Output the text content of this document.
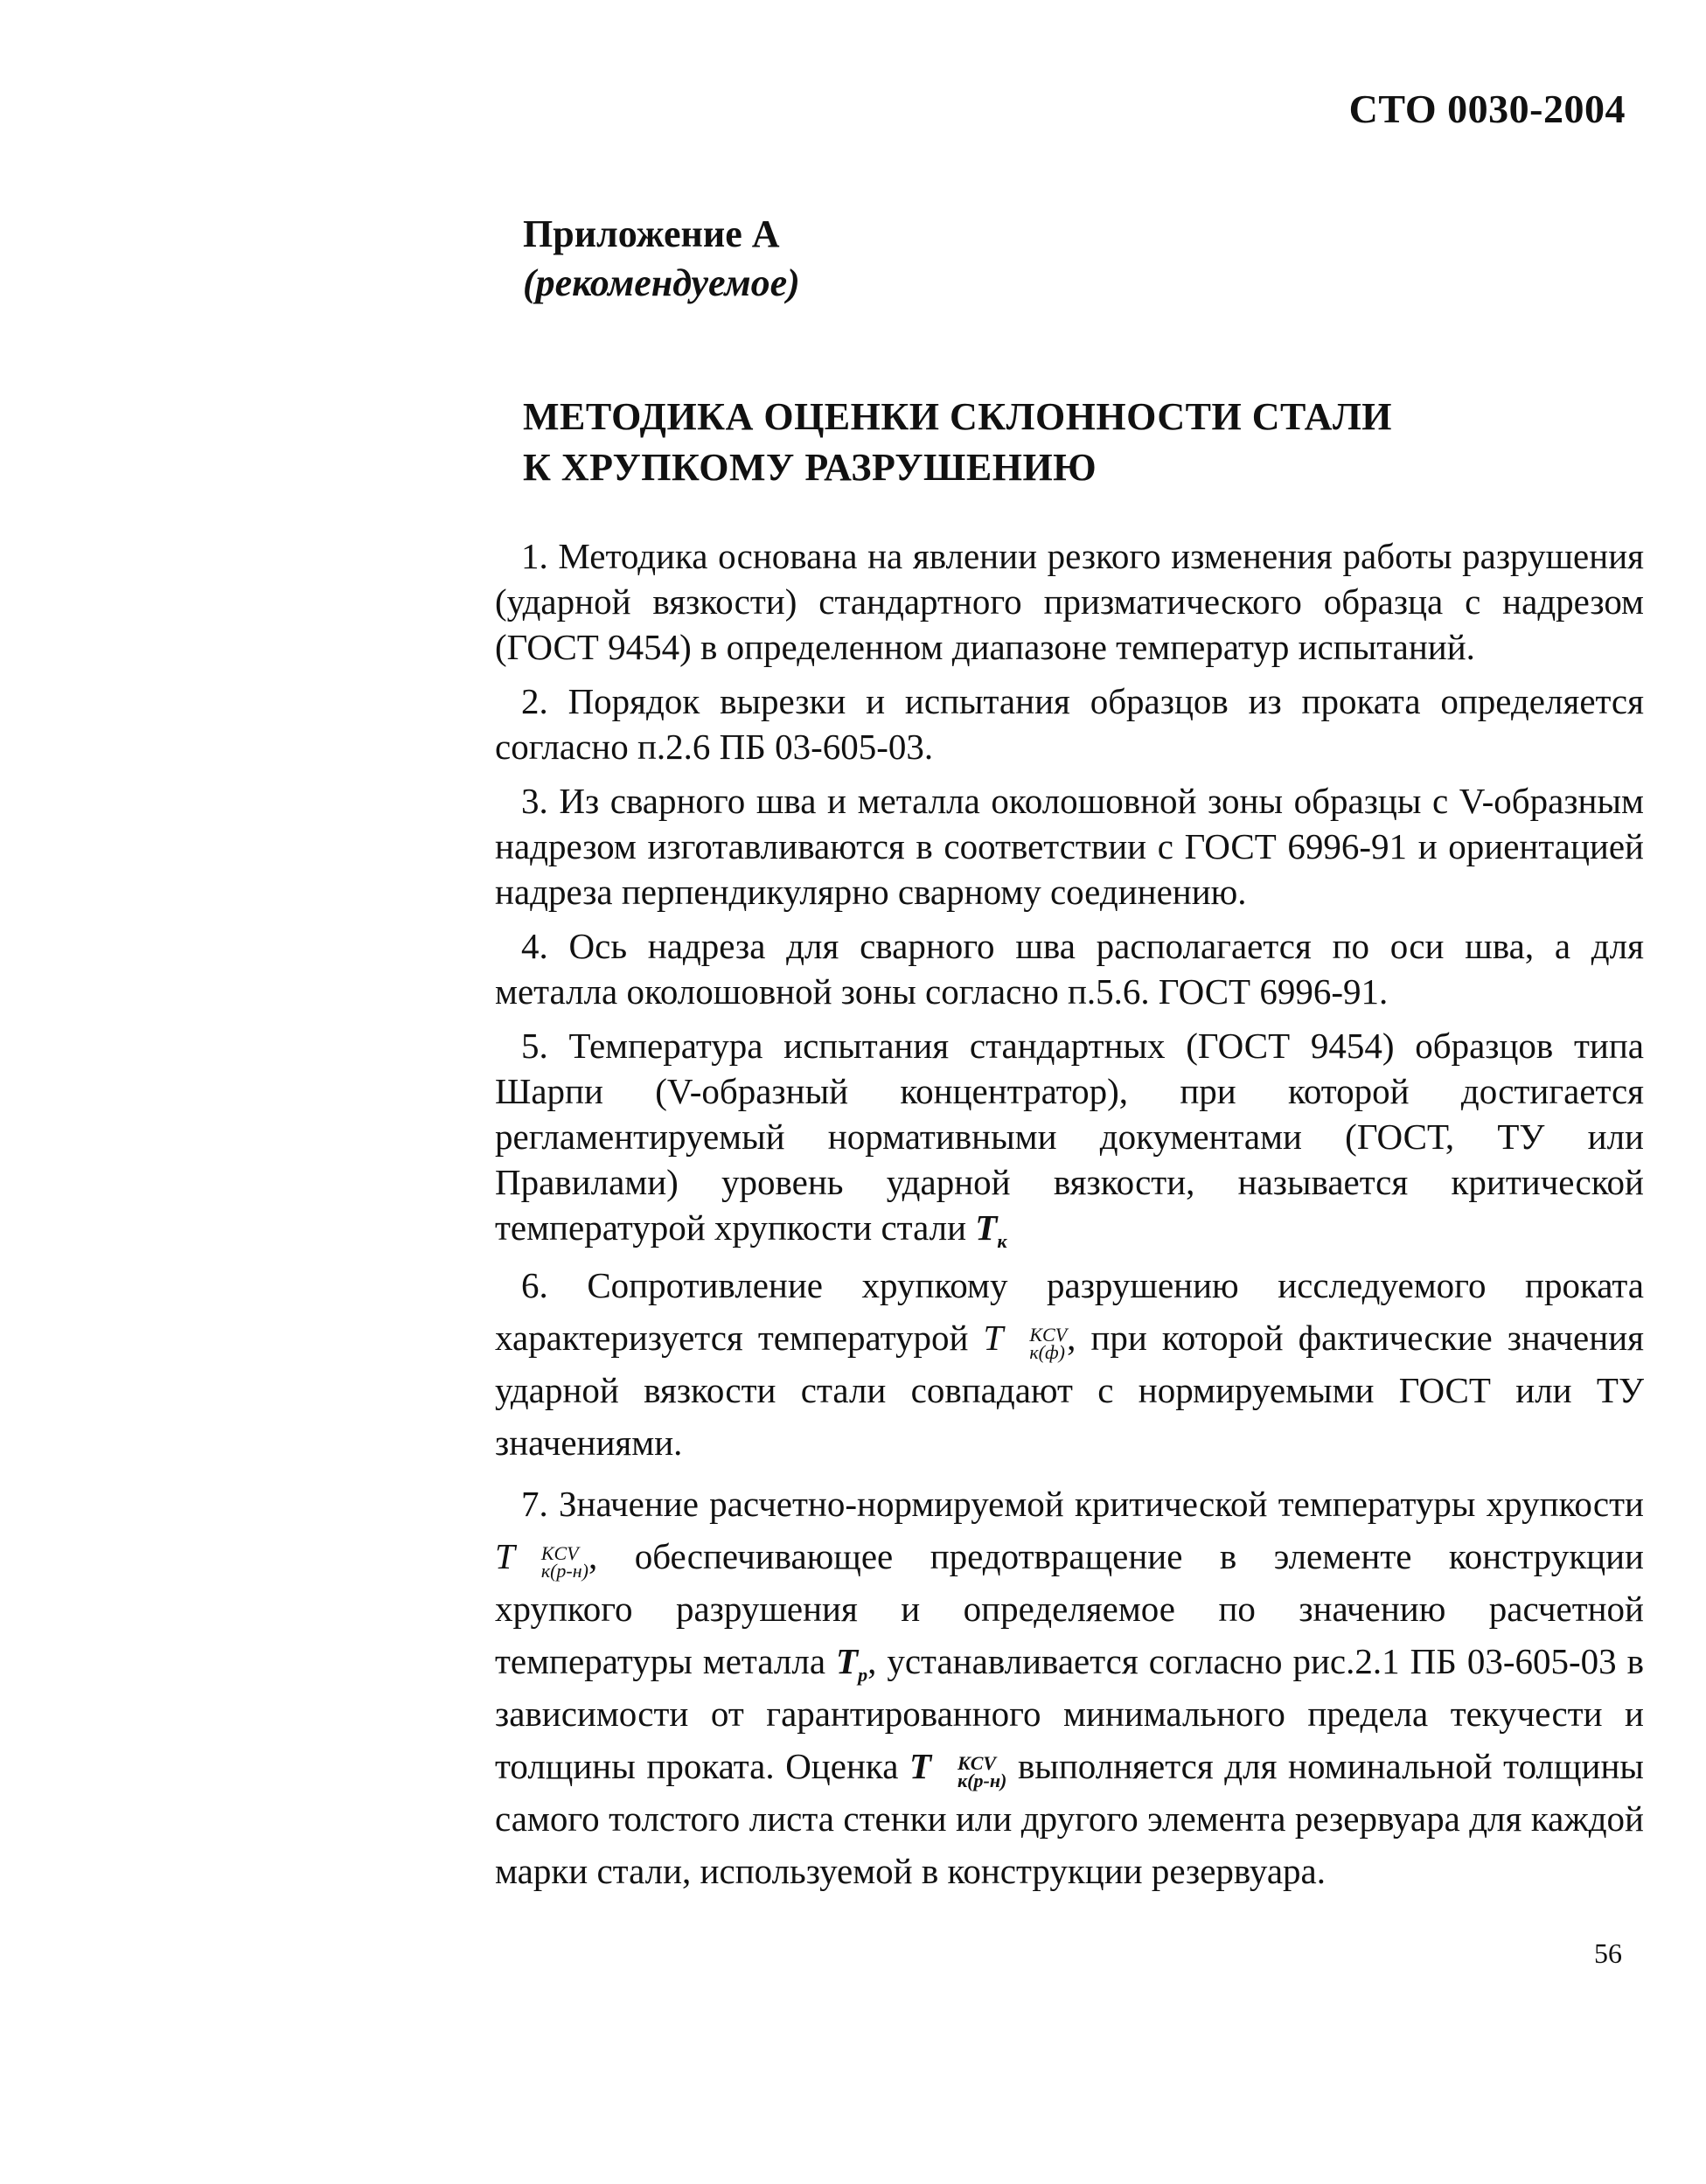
СТО 0030-2004
Приложение А
(рекомендуемое)
МЕТОДИКА ОЦЕНКИ СКЛОННОСТИ СТАЛИ
К ХРУПКОМУ РАЗРУШЕНИЮ

1. Методика основана на явлении резкого изменения работы разрушения (ударной вязкости) стандартного призматического образца с надрезом (ГОСТ 9454) в определенном диапазоне температур испытаний.

2. Порядок вырезки и испытания образцов из проката определяется согласно п.2.6 ПБ 03-605-03.

3. Из сварного шва и металла околошовной зоны образцы с V-образным надрезом изготавливаются в соответствии с ГОСТ 6996-91 и ориентацией надреза перпендикулярно сварному соединению.

4. Ось надреза для сварного шва располагается по оси шва, а для металла околошовной зоны согласно п.5.6. ГОСТ 6996-91.

5. Температура испытания стандартных (ГОСТ 9454) образцов типа Шарпи (V-образный концентратор), при которой достигается регламентируемый нормативными документами (ГОСТ, ТУ или Правилами) уровень ударной вязкости, называется критической температурой хрупкости стали $T_к$

6. Сопротивление хрупкому разрушению исследуемого проката характеризуется температурой T	KCV
к(ф) , при которой фактические значения ударной вязкости стали совпадают с нормируемыми ГОСТ или ТУ значениями.

7. Значение расчетно-нормируемой критической температуры хрупкости T	KCV
к(р-н) , обеспечивающее предотвращение в элементе конструкции хрупкого разрушения и определяемое по значению расчетной температуры металла $T_р$, устанавливается согласно рис.2.1 ПБ 03-605-03 в зависимости от гарантированного минимального предела текучести и толщины проката. Оценка T	KCV
к(р-н) выполняется для номинальной толщины самого толстого листа стенки или другого элемента резервуара для каждой марки стали, используемой в конструкции резервуара.

56
